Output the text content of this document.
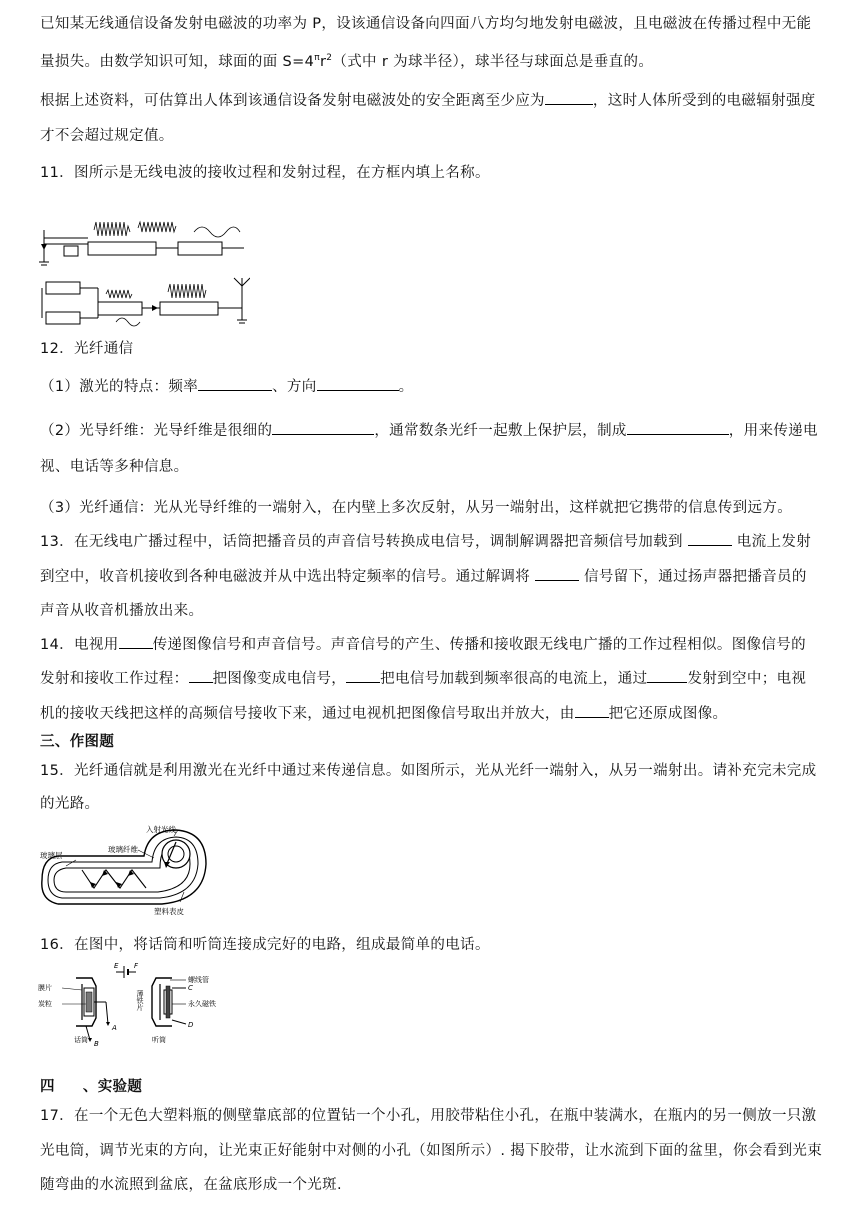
已知某无线通信设备发射电磁波的功率为 P，设该通信设备向四面八方均匀地发射电磁波，且电磁波在传播过程中无能
量损失。由数学知识可知，球面的面 $S=4^\pi r^2$（式中 r 为球半径），球半径与球面总是垂直的。
根据上述资料，可估算出人体到该通信设备发射电磁波处的安全距离至少应为	，这时人体所受到的电磁辐射强度
才不会超过规定值。
11．图所示是无线电波的接收过程和发射过程，在方框内填上名称。
12．光纤通信
（1）激光的特点：频率	、方向	。
（2）光导纤维：光导纤维是很细的	，通常数条光纤一起敷上保护层，制成	，用来传递电
视、电话等多种信息。
（3）光纤通信：光从光导纤维的一端射入，在内壁上多次反射，从另一端射出，这样就把它携带的信息传到远方。
13．在无线电广播过程中，话筒把播音员的声音信号转换成电信号，调制解调器把音频信号加载到	电流上发射
到空中，收音机接收到各种电磁波并从中选出特定频率的信号。通过解调将	信号留下，通过扬声器把播音员的
声音从收音机播放出来。
14．电视用 传递图像信号和声音信号。声音信号的产生、传播和接收跟无线电广播的工作过程相似。图像信号的
发射和接收工作过程： 把图像变成电信号， 把电信号加载到频率很高的电流上，通过	发射到空中；电视
机的接收天线把这样的高频信号接收下来，通过电视机把图像信号取出并放大，由 把它还原成图像。
三、作图题
15．光纤通信就是利用激光在光纤中通过来传递信息。如图所示，光从光纤一端射入，从另一端射出。请补充完未完成
的光路。
入射光线
玻璃纤维
玻璃层
塑料表皮
16．在图中，将话筒和听筒连接成完好的电路，组成最简单的电话。
E F
膜片
炭粒
A
B
话筒
螺线管
C
薄铁片	永久磁铁
D
听筒
四 、实验题
17．在一个无色大塑料瓶的侧壁靠底部的位置钻一个小孔，用胶带粘住小孔，在瓶中装满水，在瓶内的另一侧放一只激
光电筒，调节光束的方向，让光束正好能射中对侧的小孔（如图所示）. 揭下胶带，让水流到下面的盆里，你会看到光束
随弯曲的水流照到盆底，在盆底形成一个光斑.
